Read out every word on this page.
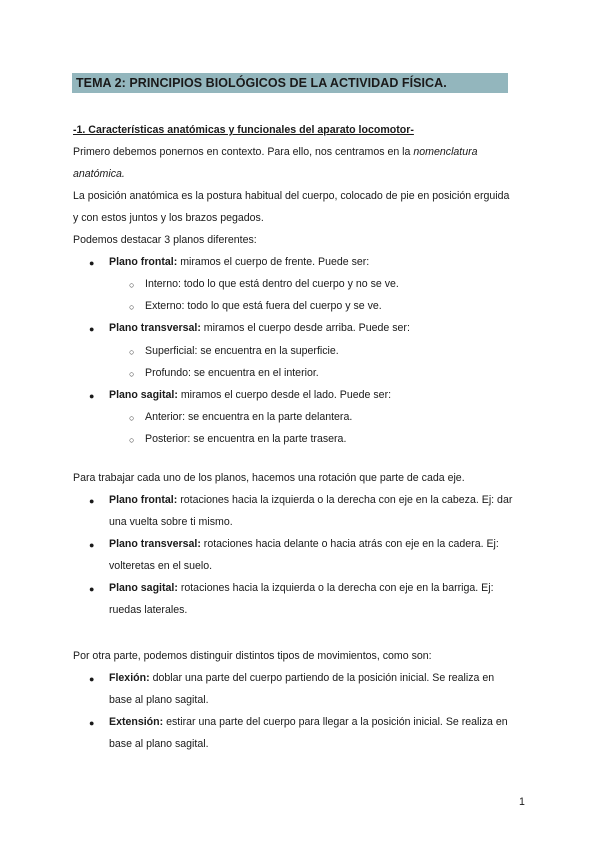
TEMA 2: PRINCIPIOS BIOLÓGICOS DE LA ACTIVIDAD FÍSICA.
-1. Características anatómicas y funcionales del aparato locomotor-
Primero debemos ponernos en contexto. Para ello, nos centramos en la nomenclatura
anatómica.
La posición anatómica es la postura habitual del cuerpo, colocado de pie en posición erguida
y con estos juntos y los brazos pegados.
Podemos destacar 3 planos diferentes:
● Plano frontal: miramos el cuerpo de frente. Puede ser:
○ Interno: todo lo que está dentro del cuerpo y no se ve.
○ Externo: todo lo que está fuera del cuerpo y se ve.
● Plano transversal: miramos el cuerpo desde arriba. Puede ser:
○ Superficial: se encuentra en la superficie.
○ Profundo: se encuentra en el interior.
● Plano sagital: miramos el cuerpo desde el lado. Puede ser:
○ Anterior: se encuentra en la parte delantera.
○ Posterior: se encuentra en la parte trasera.
Para trabajar cada uno de los planos, hacemos una rotación que parte de cada eje.
● Plano frontal: rotaciones hacia la izquierda o la derecha con eje en la cabeza. Ej: dar
una vuelta sobre ti mismo.
● Plano transversal: rotaciones hacia delante o hacia atrás con eje en la cadera. Ej:
volteretas en el suelo.
● Plano sagital: rotaciones hacia la izquierda o la derecha con eje en la barriga. Ej:
ruedas laterales.
Por otra parte, podemos distinguir distintos tipos de movimientos, como son:
● Flexión: doblar una parte del cuerpo partiendo de la posición inicial. Se realiza en
base al plano sagital.
● Extensión: estirar una parte del cuerpo para llegar a la posición inicial. Se realiza en
base al plano sagital.
1
